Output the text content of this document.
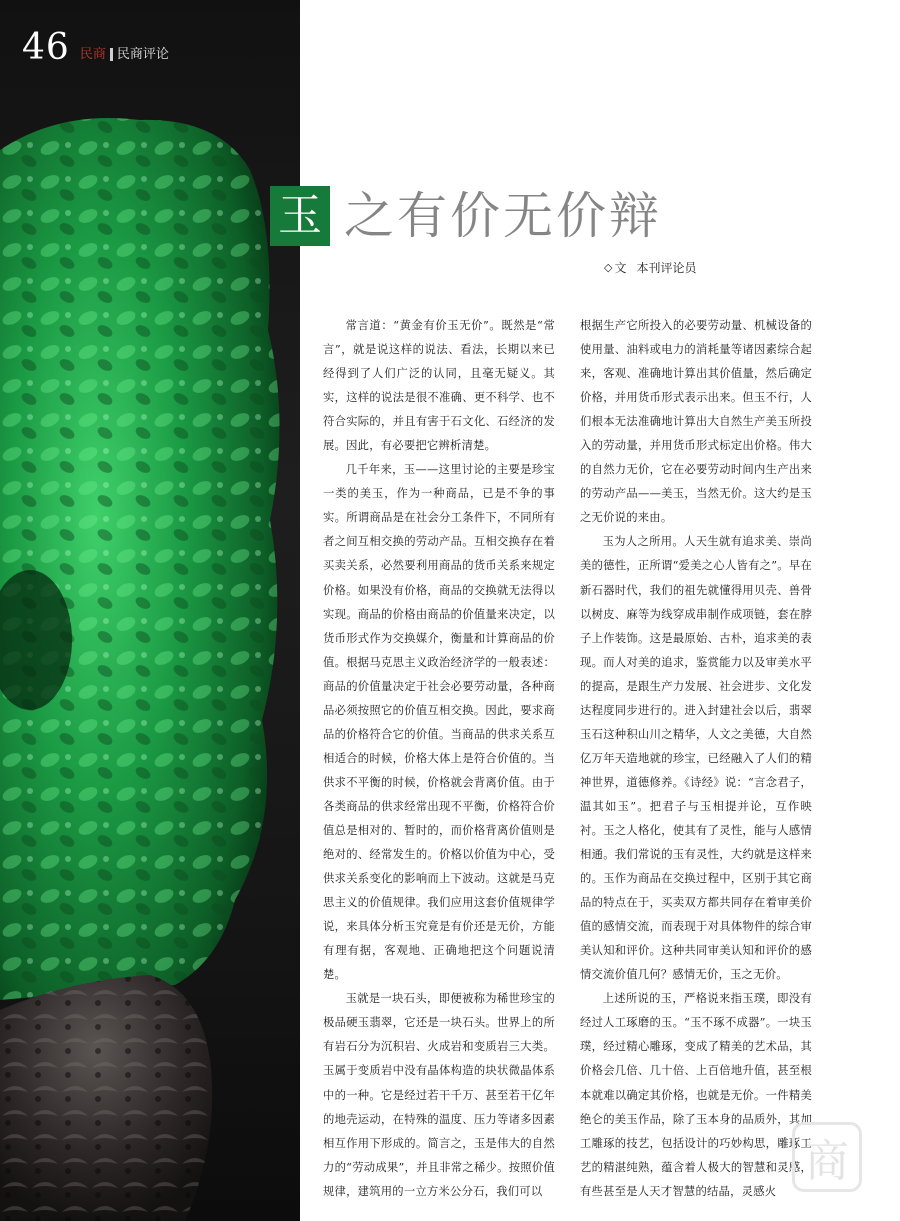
46 民商 民商评论
玉 之有价无价辩
◇ 文 本刊评论员

常言道：“黄金有价玉无价”。既然是“常言”，就是说这样的说法、看法，长期以来已经得到了人们广泛的认同，且毫无疑义。其实，这样的说法是很不准确、更不科学、也不符合实际的，并且有害于石文化、石经济的发展。因此，有必要把它辨析清楚。

几千年来，玉——这里讨论的主要是珍宝一类的美玉，作为一种商品，已是不争的事实。所谓商品是在社会分工条件下，不同所有者之间互相交换的劳动产品。互相交换存在着买卖关系，必然要利用商品的货币关系来规定价格。如果没有价格，商品的交换就无法得以实现。商品的价格由商品的价值量来决定，以货币形式作为交换媒介，衡量和计算商品的价值。根据马克思主义政治经济学的一般表述：商品的价值量决定于社会必要劳动量，各种商品必须按照它的价值互相交换。因此，要求商品的价格符合它的价值。当商品的供求关系互相适合的时候，价格大体上是符合价值的。当供求不平衡的时候，价格就会背离价值。由于各类商品的供求经常出现不平衡，价格符合价值总是相对的、暂时的，而价格背离价值则是绝对的、经常发生的。价格以价值为中心，受供求关系变化的影响而上下波动。这就是马克思主义的价值规律。我们应用这套价值规律学说，来具体分析玉究竟是有价还是无价，方能有理有据，客观地、正确地把这个问题说清楚。

玉就是一块石头，即便被称为稀世珍宝的极品硬玉翡翠，它还是一块石头。世界上的所有岩石分为沉积岩、火成岩和变质岩三大类。玉属于变质岩中没有晶体构造的块状微晶体系中的一种。它是经过若干千万、甚至若干亿年的地壳运动，在特殊的温度、压力等诸多因素相互作用下形成的。简言之，玉是伟大的自然力的“劳动成果”，并且非常之稀少。按照价值规律，建筑用的一立方米公分石，我们可以

根据生产它所投入的必要劳动量、机械设备的使用量、油料或电力的消耗量等诸因素综合起来，客观、准确地计算出其价值量，然后确定价格，并用货币形式表示出来。但玉不行，人们根本无法准确地计算出大自然生产美玉所投入的劳动量，并用货币形式标定出价格。伟大的自然力无价，它在必要劳动时间内生产出来的劳动产品——美玉，当然无价。这大约是玉之无价说的来由。

玉为人之所用。人天生就有追求美、崇尚美的德性，正所谓“爱美之心人皆有之”。早在新石器时代，我们的祖先就懂得用贝壳、兽骨以树皮、麻等为线穿成串制作成项链，套在脖子上作装饰。这是最原始、古朴，追求美的表现。而人对美的追求，鉴赏能力以及审美水平的提高，是跟生产力发展、社会进步、文化发达程度同步进行的。进入封建社会以后，翡翠玉石这种积山川之精华，人文之美德，大自然亿万年天造地就的珍宝，已经融入了人们的精神世界，道德修养。《诗经》说：“言念君子，温其如玉”。把君子与玉相提并论，互作映衬。玉之人格化，使其有了灵性，能与人感情相通。我们常说的玉有灵性，大约就是这样来的。玉作为商品在交换过程中，区别于其它商品的特点在于，买卖双方都共同存在着审美价值的感情交流，而表现于对具体物件的综合审美认知和评价。这种共同审美认知和评价的感情交流价值几何？感情无价，玉之无价。

上述所说的玉，严格说来指玉璞，即没有经过人工琢磨的玉。“玉不琢不成器”。一块玉璞，经过精心雕琢，变成了精美的艺术品，其价格会几倍、几十倍、上百倍地升值，甚至根本就难以确定其价格，也就是无价。一件精美绝仑的美玉作品，除了玉本身的品质外，其加工雕琢的技艺，包括设计的巧妙构思，雕琢工艺的精湛纯熟，蕴含着人极大的智慧和灵感，有些甚至是人天才智慧的结晶，灵感火

商
